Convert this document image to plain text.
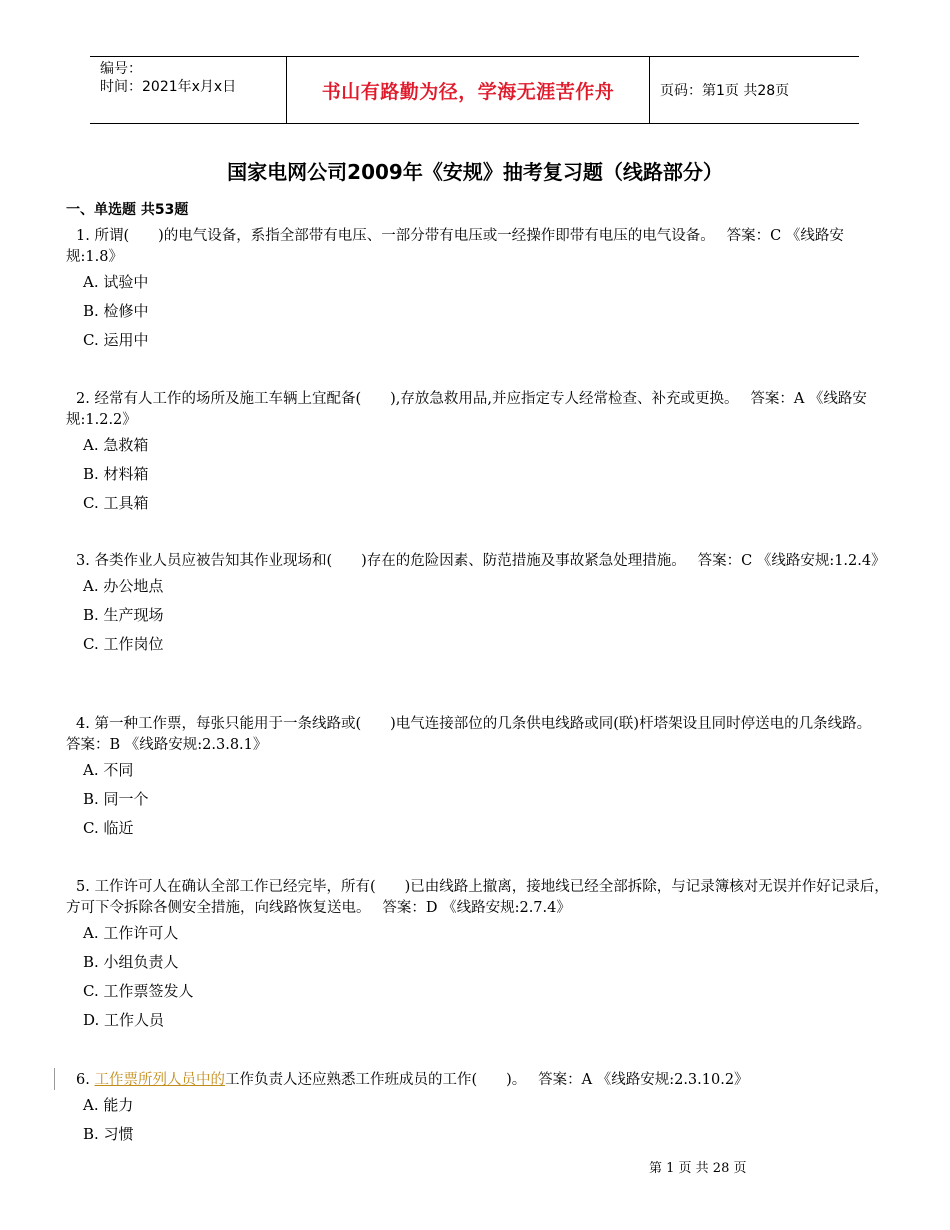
编号：
时间：2021年x月x日	书山有路勤为径，学海无涯苦作舟	页码：第1页 共28页
国家电网公司2009年《安规》抽考复习题（线路部分）
一、单选题 共53题
1. 所谓(　　)的电气设备，系指全部带有电压、一部分带有电压或一经操作即带有电压的电气设备。　 答案：C 《线路安规:1.8》
A. 试验中
B. 检修中
C. 运用中
2. 经常有人工作的场所及施工车辆上宜配备(　　),存放急救用品,并应指定专人经常检查、补充或更换。　 答案：A 《线路安规:1.2.2》
A. 急救箱
B. 材料箱
C. 工具箱
3. 各类作业人员应被告知其作业现场和(　　)存在的危险因素、防范措施及事故紧急处理措施。　 答案：C 《线路安规:1.2.4》
A. 办公地点
B. 生产现场
C. 工作岗位
4. 第一种工作票，每张只能用于一条线路或(　　)电气连接部位的几条供电线路或同(联)杆塔架设且同时停送电的几条线路。　 答案：B 《线路安规:2.3.8.1》
A. 不同
B. 同一个
C. 临近
5. 工作许可人在确认全部工作已经完毕，所有(　　)已由线路上撤离，接地线已经全部拆除，与记录簿核对无误并作好记录后，方可下令拆除各侧安全措施，向线路恢复送电。　 答案：D 《线路安规:2.7.4》
A. 工作许可人
B. 小组负责人
C. 工作票签发人
D. 工作人员
6. 工作票所列人员中的工作负责人还应熟悉工作班成员的工作(　　)。　 答案：A 《线路安规:2.3.10.2》
A. 能力
B. 习惯
第 1 页 共 28 页
